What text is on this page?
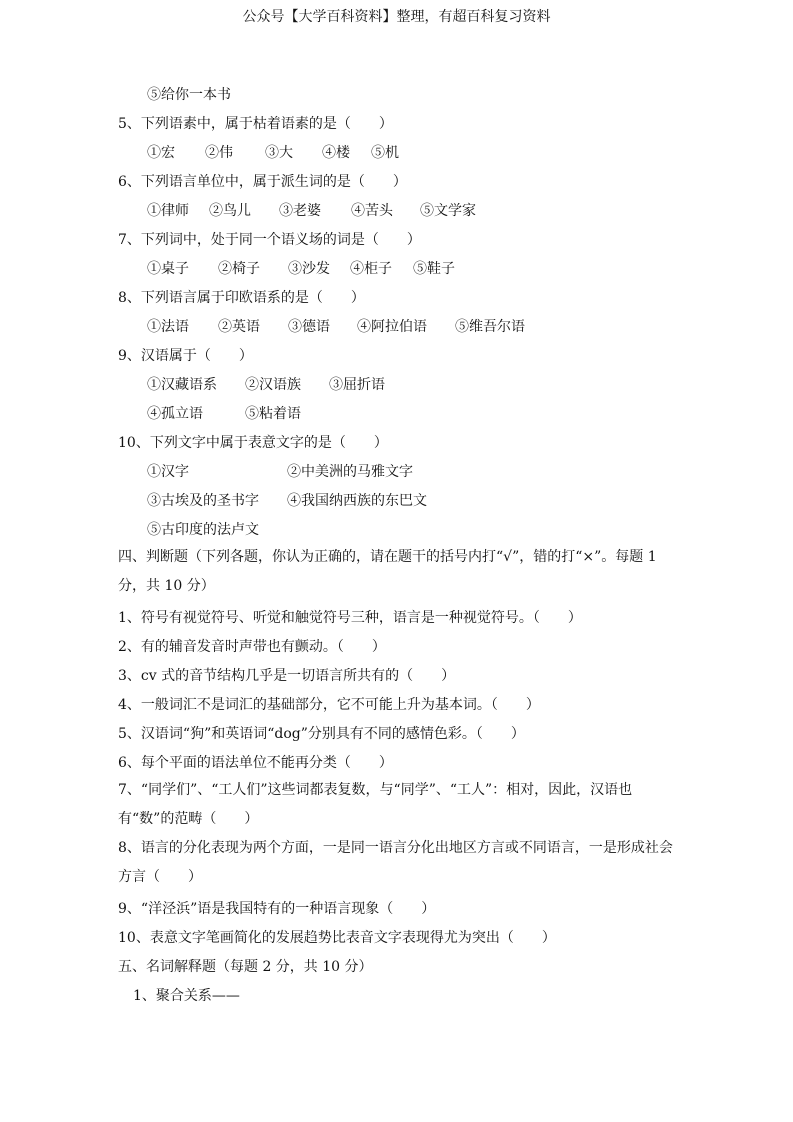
公众号【大学百科资料】整理，有超百科复习资料
⑤给你一本书
5、下列语素中，属于枯着语素的是（　　）
①宏 ②伟 ③大 ④楼 ⑤机
6、下列语言单位中，属于派生词的是（　　）
①律师 ②鸟儿 ③老婆 ④苦头 ⑤文学家
7、下列词中，处于同一个语义场的词是（　　）
①桌子 ②椅子 ③沙发 ④柜子 ⑤鞋子
8、下列语言属于印欧语系的是（　　）
①法语 ②英语 ③德语 ④阿拉伯语 ⑤维吾尔语
9、汉语属于（　　）
①汉藏语系 ②汉语族 ③屈折语
④孤立语	⑤粘着语
10、下列文字中属于表意文字的是（　　）
①汉字	②中美洲的马雅文字
③古埃及的圣书字 ④我国纳西族的东巴文
⑤古印度的法卢文
四、判断题（下列各题，你认为正确的，请在题干的括号内打“√”，错的打“×”。每题 1 分，共 10 分）
1、符号有视觉符号、听觉和触觉符号三种，语言是一种视觉符号。（　　）
2、有的辅音发音时声带也有颤动。（　　）
3、cv 式的音节结构几乎是一切语言所共有的（　　）
4、一般词汇不是词汇的基础部分，它不可能上升为基本词。（　　）
5、汉语词“狗”和英语词“dog”分别具有不同的感情色彩。（　　）
6、每个平面的语法单位不能再分类（　　）
7、“同学们”、“工人们”这些词都表复数，与“同学”、“工人”：相对，因此，汉语也有“数”的范畴（　　）
8、语言的分化表现为两个方面，一是同一语言分化出地区方言或不同语言，一是形成社会方言（　　）
9、“洋泾浜”语是我国特有的一种语言现象（　　）
10、表意文字笔画简化的发展趋势比表音文字表现得尤为突出（　　）
五、名词解释题（每题 2 分，共 10 分）
1、聚合关系——
